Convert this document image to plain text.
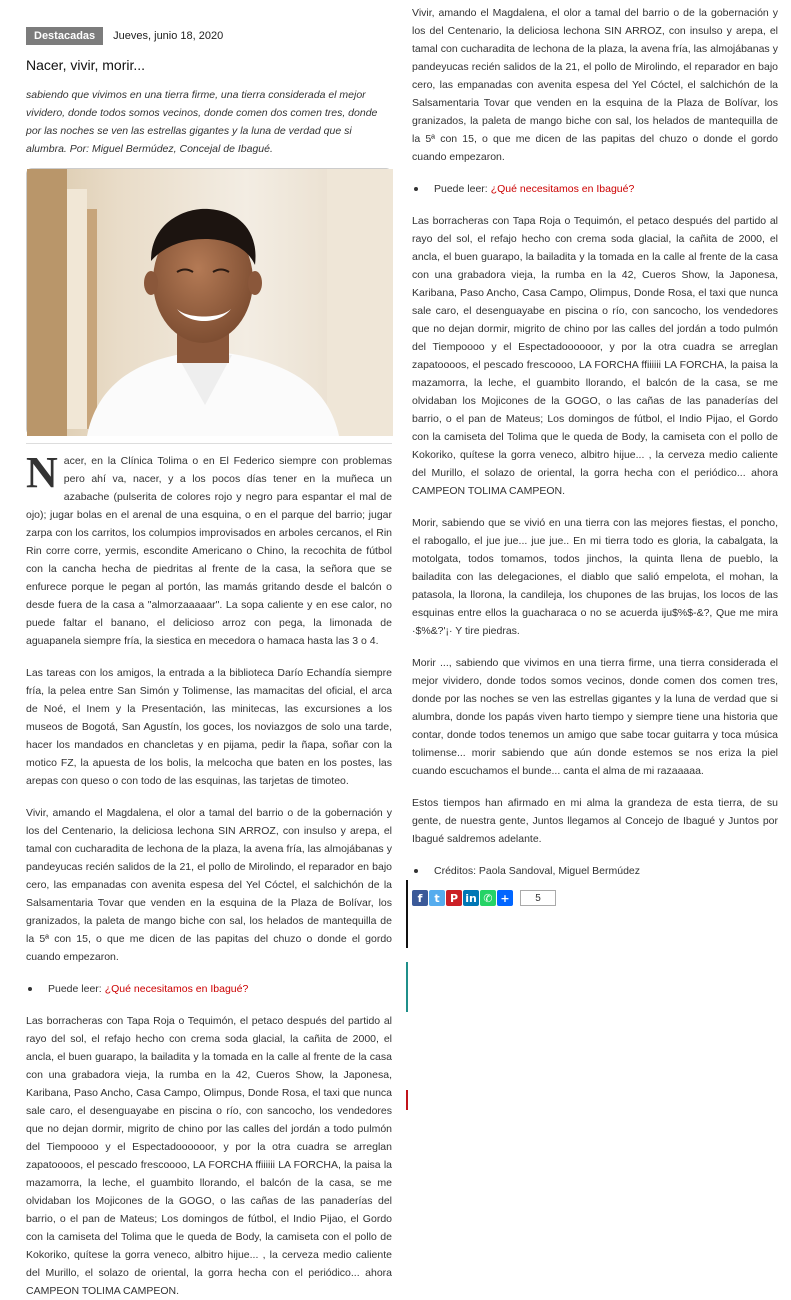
Destacadas	Jueves, junio 18, 2020
Nacer, vivir, morir...

sabiendo que vivimos en una tierra firme, una tierra considerada el mejor vividero, donde todos somos vecinos, donde comen dos comen tres, donde por las noches se ven las estrellas gigantes y la luna de verdad que si alumbra. Por: Miguel Bermúdez, Concejal de Ibagué.

Nacer, en la Clínica Tolima o en El Federico siempre con problemas pero ahí va, nacer, y a los pocos días tener en la muñeca un azabache (pulserita de colores rojo y negro para espantar el mal de ojo); jugar bolas en el arenal de una esquina, o en el parque del barrio; jugar zarpa con los carritos, los columpios improvisados en arboles cercanos, el Rin Rin corre corre, yermis, escondite Americano o Chino, la recochita de fútbol con la cancha hecha de piedritas al frente de la casa, la señora que se enfurece porque le pegan al portón, las mamás gritando desde el balcón o desde fuera de la casa a "almorzaaaaar". La sopa caliente y en ese calor, no puede faltar el banano, el delicioso arroz con pega, la limonada de aguapanela siempre fría, la siestica en mecedora o hamaca hasta las 3 o 4.

Las tareas con los amigos, la entrada a la biblioteca Darío Echandía siempre fría, la pelea entre San Simón y Tolimense, las mamacitas del oficial, el arca de Noé, el Inem y la Presentación, las minitecas, las excursiones a los museos de Bogotá, San Agustín, los goces, los noviazgos de solo una tarde, hacer los mandados en chancletas y en pijama, pedir la ñapa, soñar con la motico FZ, la apuesta de los bolis, la melcocha que baten en los postes, las arepas con queso o con todo de las esquinas, las tarjetas de timoteo.

Vivir, amando el Magdalena, el olor a tamal del barrio o de la gobernación y los del Centenario, la deliciosa lechona SIN ARROZ, con insulso y arepa, el tamal con cucharadita de lechona de la plaza, la avena fría, las almojábanas y pandeyucas recién salidos de la 21, el pollo de Mirolindo, el reparador en bajo cero, las empanadas con avenita espesa del Yel Cóctel, el salchichón de la Salsamentaria Tovar que venden en la esquina de la Plaza de Bolívar, los granizados, la paleta de mango biche con sal, los helados de mantequilla de la 5ª con 15, o que me dicen de las papitas del chuzo o donde el gordo cuando empezaron.

Puede leer: ¿Qué necesitamos en Ibagué?

Las borracheras con Tapa Roja o Tequimón, el petaco después del partido al rayo del sol, el refajo hecho con crema soda glacial, la cañita de 2000, el ancla, el buen guarapo, la bailadita y la tomada en la calle al frente de la casa con una grabadora vieja, la rumba en la 42, Cueros Show, la Japonesa, Karibana, Paso Ancho, Casa Campo, Olimpus, Donde Rosa, el taxi que nunca sale caro, el desenguayabe en piscina o río, con sancocho, los vendedores que no dejan dormir, migrito de chino por las calles del jordán a todo pulmón del Tiempoooo y el Espectadoooooor, y por la otra cuadra se arreglan zapatoooos, el pescado frescoooo, LA FORCHA ffiiiiii LA FORCHA, la paisa la mazamorra, la leche, el guambito llorando, el balcón de la casa, se me olvidaban los Mojicones de la GOGO, o las cañas de las panaderías del barrio, o el pan de Mateus; Los domingos de fútbol, el Indio Pijao, el Gordo con la camiseta del Tolima que le queda de Body, la camiseta con el pollo de Kokoriko, quítese la gorra veneco, albitro hijue... , la cerveza medio caliente del Murillo, el solazo de oriental, la gorra hecha con el periódico... ahora CAMPEON TOLIMA CAMPEON.

Vivir, amando el Magdalena, el olor a tamal del barrio o de la gobernación y los del Centenario, la deliciosa lechona SIN ARROZ, con insulso y arepa, el tamal con cucharadita de lechona de la plaza, la avena fría, las almojábanas y pandeyucas recién salidos de la 21, el pollo de Mirolindo, el reparador en bajo cero, las empanadas con avenita espesa del Yel Cóctel, el salchichón de la Salsamentaria Tovar que venden en la esquina de la Plaza de Bolívar, los granizados, la paleta de mango biche con sal, los helados de mantequilla de la 5ª con 15, o que me dicen de las papitas del chuzo o donde el gordo cuando empezaron.

Puede leer: ¿Qué necesitamos en Ibagué?

Las borracheras con Tapa Roja o Tequimón, el petaco después del partido al rayo del sol, el refajo hecho con crema soda glacial, la cañita de 2000, el ancla, el buen guarapo, la bailadita y la tomada en la calle al frente de la casa con una grabadora vieja, la rumba en la 42, Cueros Show, la Japonesa, Karibana, Paso Ancho, Casa Campo, Olimpus, Donde Rosa, el taxi que nunca sale caro, el desenguayabe en piscina o río, con sancocho, los vendedores que no dejan dormir, migrito de chino por las calles del jordán a todo pulmón del Tiempoooo y el Espectadoooooor, y por la otra cuadra se arreglan zapatoooos, el pescado frescoooo, LA FORCHA ffiiiiii LA FORCHA, la paisa la mazamorra, la leche, el guambito llorando, el balcón de la casa, se me olvidaban los Mojicones de la GOGO, o las cañas de las panaderías del barrio, o el pan de Mateus; Los domingos de fútbol, el Indio Pijao, el Gordo con la camiseta del Tolima que le queda de Body, la camiseta con el pollo de Kokoriko, quítese la gorra veneco, albitro hijue... , la cerveza medio caliente del Murillo, el solazo de oriental, la gorra hecha con el periódico... ahora CAMPEON TOLIMA CAMPEON.

Morir, sabiendo que se vivió en una tierra con las mejores fiestas, el poncho, el rabogallo, el jue jue... jue jue.. En mi tierra todo es gloria, la cabalgata, la motolgata, todos tomamos, todos jinchos, la quinta llena de pueblo, la bailadita con las delegaciones, el diablo que salió empelota, el mohan, la patasola, la llorona, la candileja, los chupones de las brujas, los locos de las esquinas entre ellos la guacharaca o no se acuerda iju$%$-&?, Que me mira ·$%&?'¡· Y tire piedras.

Morir ..., sabiendo que vivimos en una tierra firme, una tierra considerada el mejor vividero, donde todos somos vecinos, donde comen dos comen tres, donde por las noches se ven las estrellas gigantes y la luna de verdad que si alumbra, donde los papás viven harto tiempo y siempre tiene una historia que contar, donde todos tenemos un amigo que sabe tocar guitarra y toca música tolimense... morir sabiendo que aún donde estemos se nos eriza la piel cuando escuchamos el bunde... canta el alma de mi razaaaaa.

Estos tiempos han afirmado en mi alma la grandeza de esta tierra, de su gente, de nuestra gente, Juntos llegamos al Concejo de Ibagué y Juntos por Ibagué saldremos adelante.

Créditos: Paola Sandoval, Miguel Bermúdez
f	t P in ✆ +	5
